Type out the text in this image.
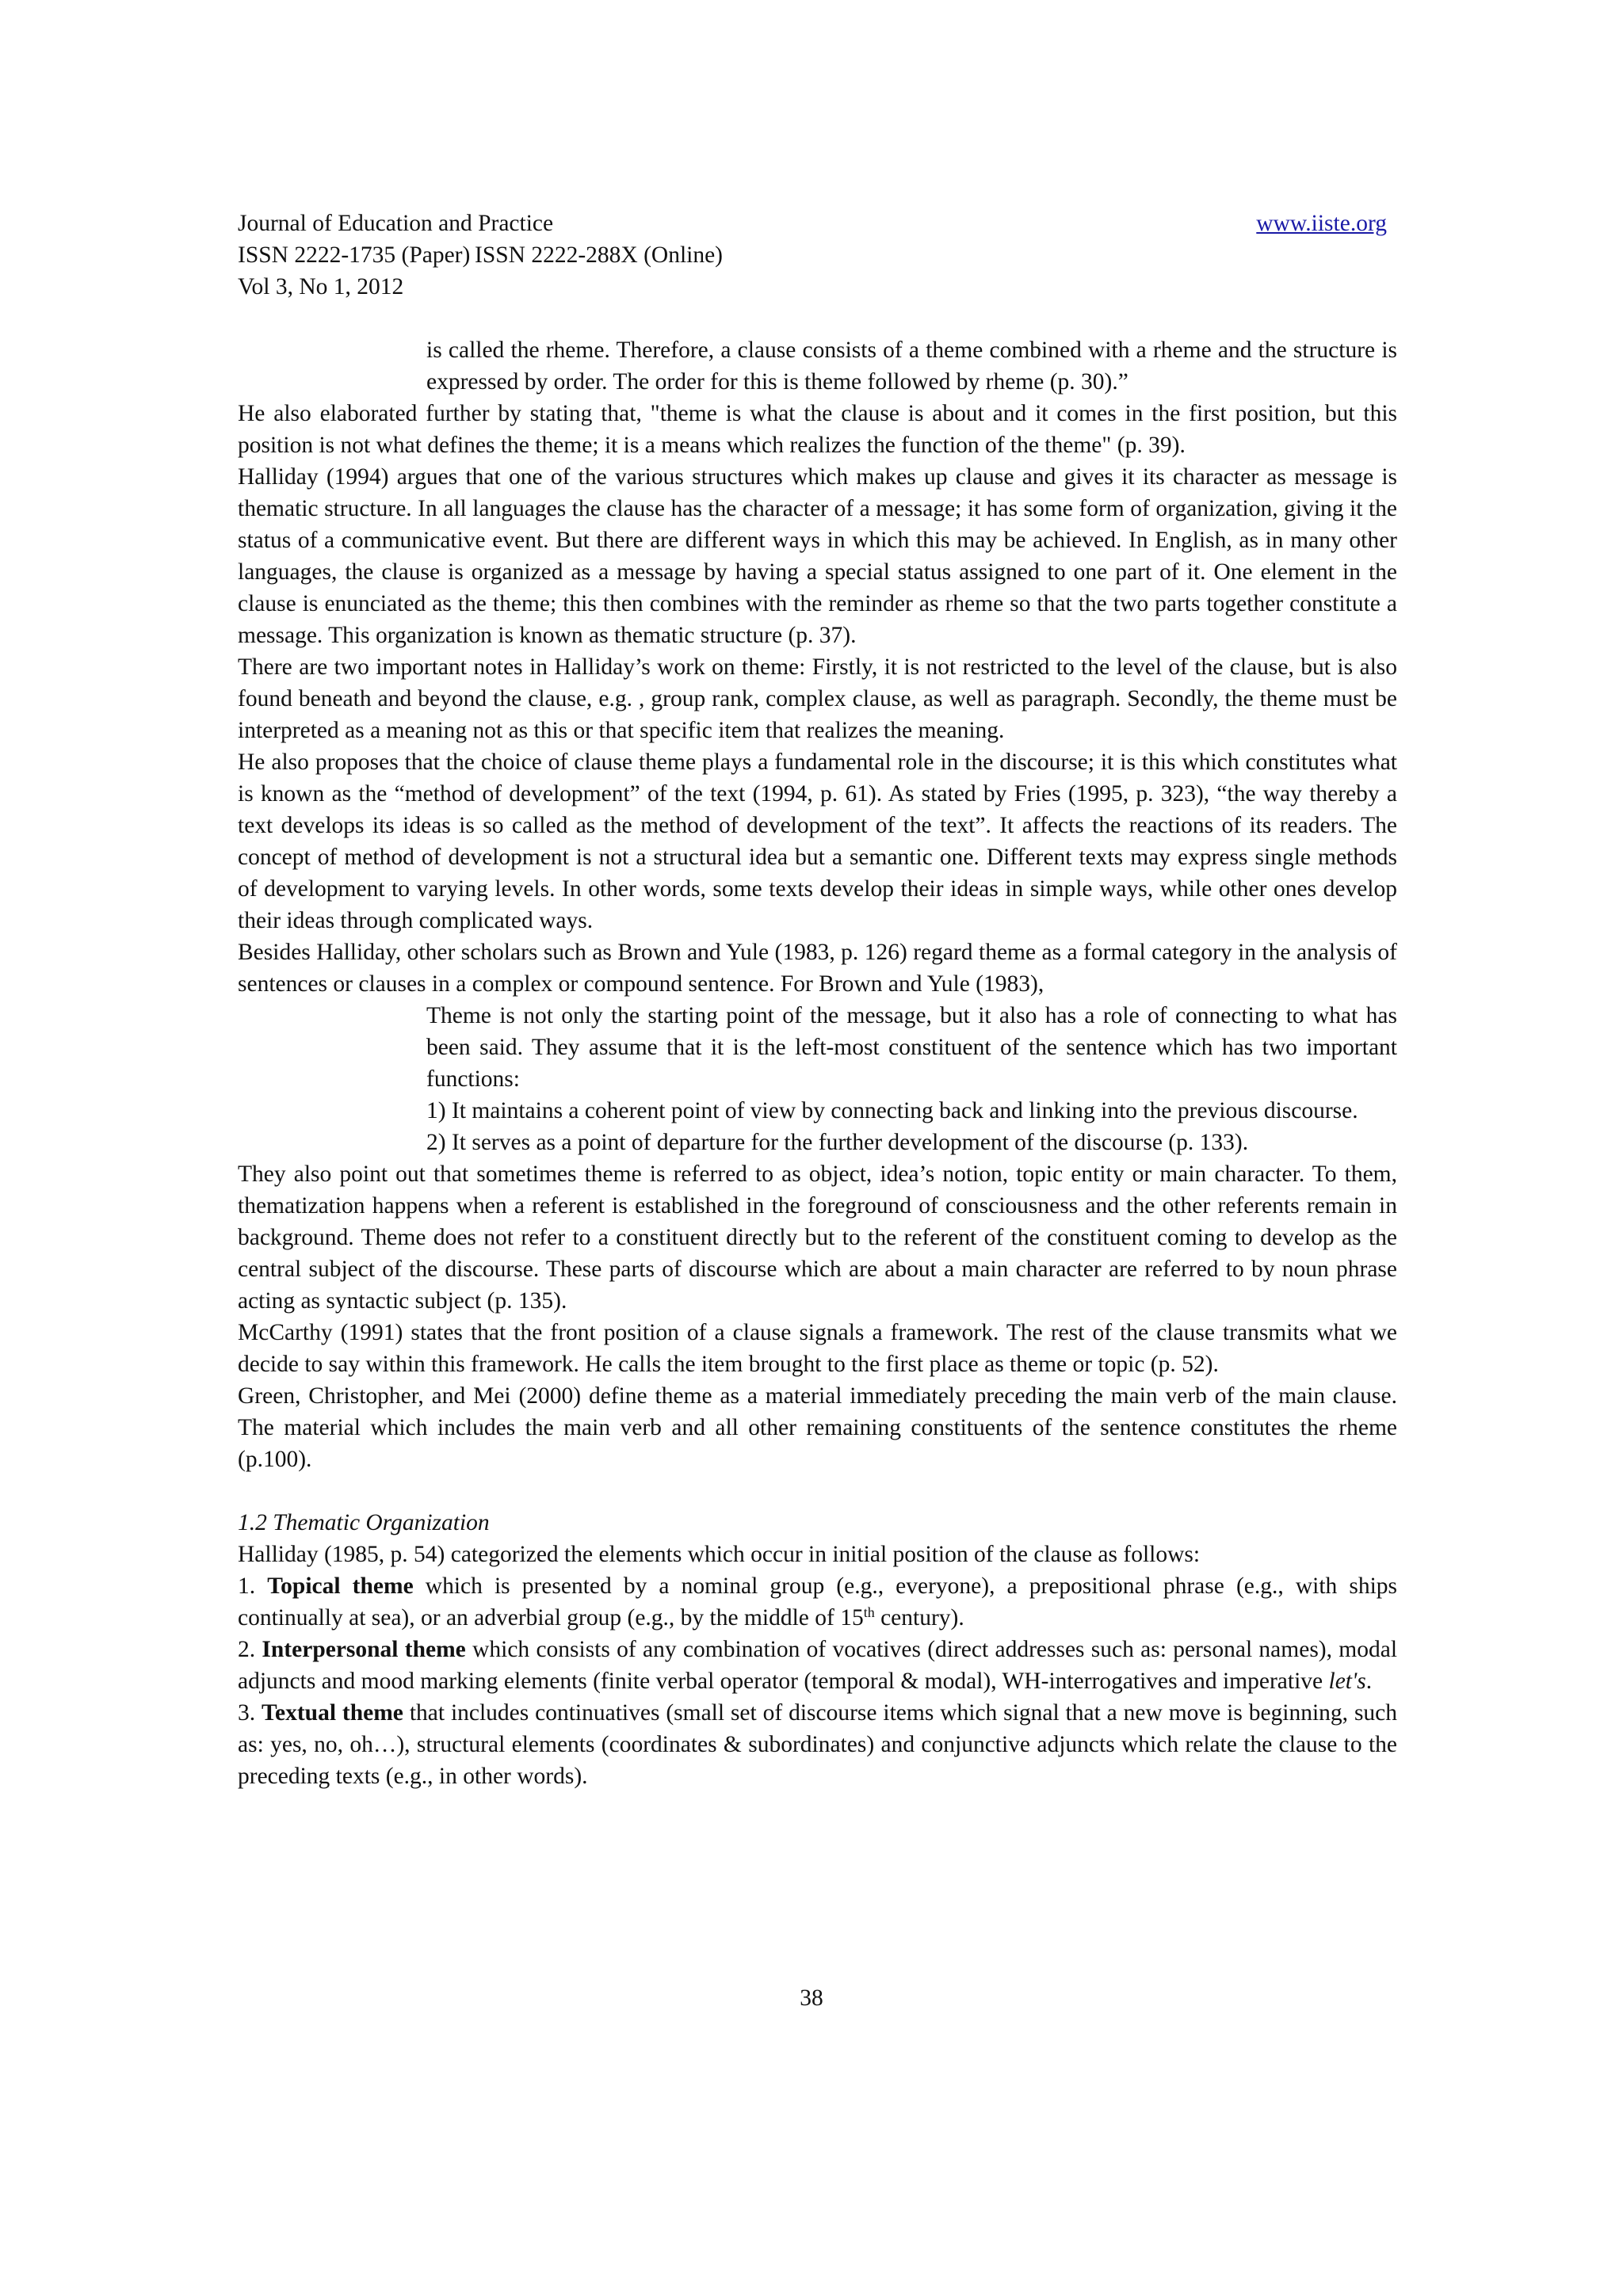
Journal of Education and Practice	www.iiste.org
ISSN 2222-1735 (Paper) ISSN 2222-288X (Online)
Vol 3, No 1, 2012

is called the rheme. Therefore, a clause consists of a theme combined with a rheme and the structure is expressed by order. The order for this is theme followed by rheme (p. 30).”

He also elaborated further by stating that, "theme is what the clause is about and it comes in the first position, but this position is not what defines the theme; it is a means which realizes the function of the theme" (p. 39).

Halliday (1994) argues that one of the various structures which makes up clause and gives it its character as message is thematic structure. In all languages the clause has the character of a message; it has some form of organization, giving it the status of a communicative event. But there are different ways in which this may be achieved. In English, as in many other languages, the clause is organized as a message by having a special status assigned to one part of it. One element in the clause is enunciated as the theme; this then combines with the reminder as rheme so that the two parts together constitute a message. This organization is known as thematic structure (p. 37).

There are two important notes in Halliday’s work on theme: Firstly, it is not restricted to the level of the clause, but is also found beneath and beyond the clause, e.g. , group rank, complex clause, as well as paragraph. Secondly, the theme must be interpreted as a meaning not as this or that specific item that realizes the meaning.

He also proposes that the choice of clause theme plays a fundamental role in the discourse; it is this which constitutes what is known as the “method of development” of the text (1994, p. 61). As stated by Fries (1995, p. 323), “the way thereby a text develops its ideas is so called as the method of development of the text”. It affects the reactions of its readers. The concept of method of development is not a structural idea but a semantic one. Different texts may express single methods of development to varying levels. In other words, some texts develop their ideas in simple ways, while other ones develop their ideas through complicated ways.

Besides Halliday, other scholars such as Brown and Yule (1983, p. 126) regard theme as a formal category in the analysis of sentences or clauses in a complex or compound sentence. For Brown and Yule (1983),

Theme is not only the starting point of the message, but it also has a role of connecting to what has been said. They assume that it is the left-most constituent of the sentence which has two important functions:

1) It maintains a coherent point of view by connecting back and linking into the previous discourse.

2) It serves as a point of departure for the further development of the discourse (p. 133).

They also point out that sometimes theme is referred to as object, idea’s notion, topic entity or main character. To them, thematization happens when a referent is established in the foreground of consciousness and the other referents remain in background. Theme does not refer to a constituent directly but to the referent of the constituent coming to develop as the central subject of the discourse. These parts of discourse which are about a main character are referred to by noun phrase acting as syntactic subject (p. 135).

McCarthy (1991) states that the front position of a clause signals a framework. The rest of the clause transmits what we decide to say within this framework. He calls the item brought to the first place as theme or topic (p. 52).

Green, Christopher, and Mei (2000) define theme as a material immediately preceding the main verb of the main clause. The material which includes the main verb and all other remaining constituents of the sentence constitutes the rheme (p.100).

1.2 Thematic Organization

Halliday (1985, p. 54) categorized the elements which occur in initial position of the clause as follows:

1. Topical theme which is presented by a nominal group (e.g., everyone), a prepositional phrase (e.g., with ships continually at sea), or an adverbial group (e.g., by the middle of 15th century).

2. Interpersonal theme which consists of any combination of vocatives (direct addresses such as: personal names), modal adjuncts and mood marking elements (finite verbal operator (temporal & modal), WH-interrogatives and imperative let's.

3. Textual theme that includes continuatives (small set of discourse items which signal that a new move is beginning, such as: yes, no, oh…), structural elements (coordinates & subordinates) and conjunctive adjuncts which relate the clause to the preceding texts (e.g., in other words).

38
